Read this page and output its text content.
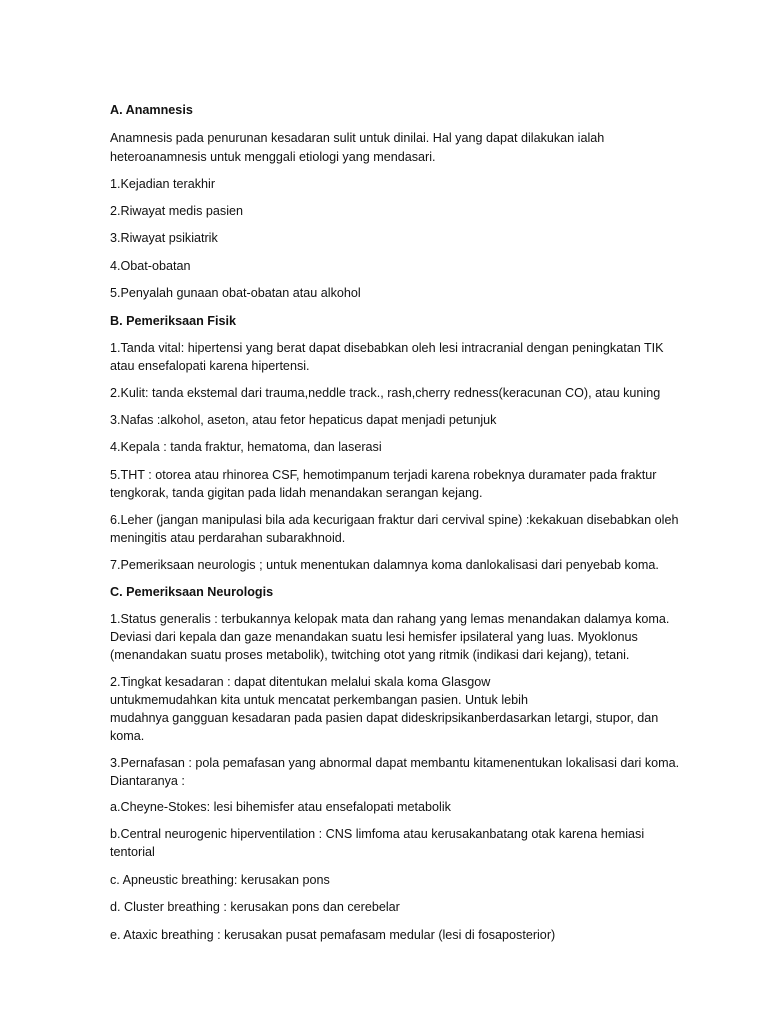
A. Anamnesis
Anamnesis pada penurunan kesadaran sulit untuk dinilai. Hal yang dapat dilakukan ialah
heteroanamnesis untuk menggali etiologi yang mendasari.
1.Kejadian terakhir
2.Riwayat medis pasien
3.Riwayat psikiatrik
4.Obat-obatan
5.Penyalah gunaan obat-obatan atau alkohol
B. Pemeriksaan Fisik
1.Tanda vital: hipertensi yang berat dapat disebabkan oleh lesi intracranial dengan peningkatan TIK
atau ensefalopati karena hipertensi.
2.Kulit: tanda ekstemal dari trauma,neddle track., rash,cherry redness(keracunan CO), atau kuning
3.Nafas :alkohol, aseton, atau fetor hepaticus dapat menjadi petunjuk
4.Kepala : tanda fraktur, hematoma, dan laserasi
5.THT : otorea atau rhinorea CSF, hemotimpanum terjadi karena robeknya duramater pada fraktur
tengkorak, tanda gigitan pada lidah menandakan serangan kejang.
6.Leher (jangan manipulasi bila ada kecurigaan fraktur dari cervival spine) :kekakuan disebabkan oleh
meningitis atau perdarahan subarakhnoid.
7.Pemeriksaan neurologis ; untuk menentukan dalamnya koma danlokalisasi dari penyebab koma.
C. Pemeriksaan Neurologis
1.Status generalis : terbukannya kelopak mata dan rahang yang lemas menandakan dalamya koma.
Deviasi dari kepala dan gaze menandakan suatu lesi hemisfer ipsilateral yang luas. Myoklonus
(menandakan suatu proses metabolik), twitching otot yang ritmik (indikasi dari kejang), tetani.
2.Tingkat kesadaran : dapat ditentukan melalui skala koma Glasgow
untukmemudahkan kita untuk mencatat perkembangan pasien. Untuk lebih
mudahnya gangguan kesadaran pada pasien dapat dideskripsikanberdasarkan letargi, stupor, dan
koma.
3.Pernafasan : pola pemafasan yang abnormal dapat membantu kitamenentukan lokalisasi dari koma.
Diantaranya :
a.Cheyne-Stokes: lesi bihemisfer atau ensefalopati metabolik
b.Central neurogenic hiperventilation : CNS limfoma atau kerusakanbatang otak karena hemiasi
tentorial
c. Apneustic breathing: kerusakan pons
d. Cluster breathing : kerusakan pons dan cerebelar
e. Ataxic breathing : kerusakan pusat pemafasam medular (lesi di fosaposterior)
